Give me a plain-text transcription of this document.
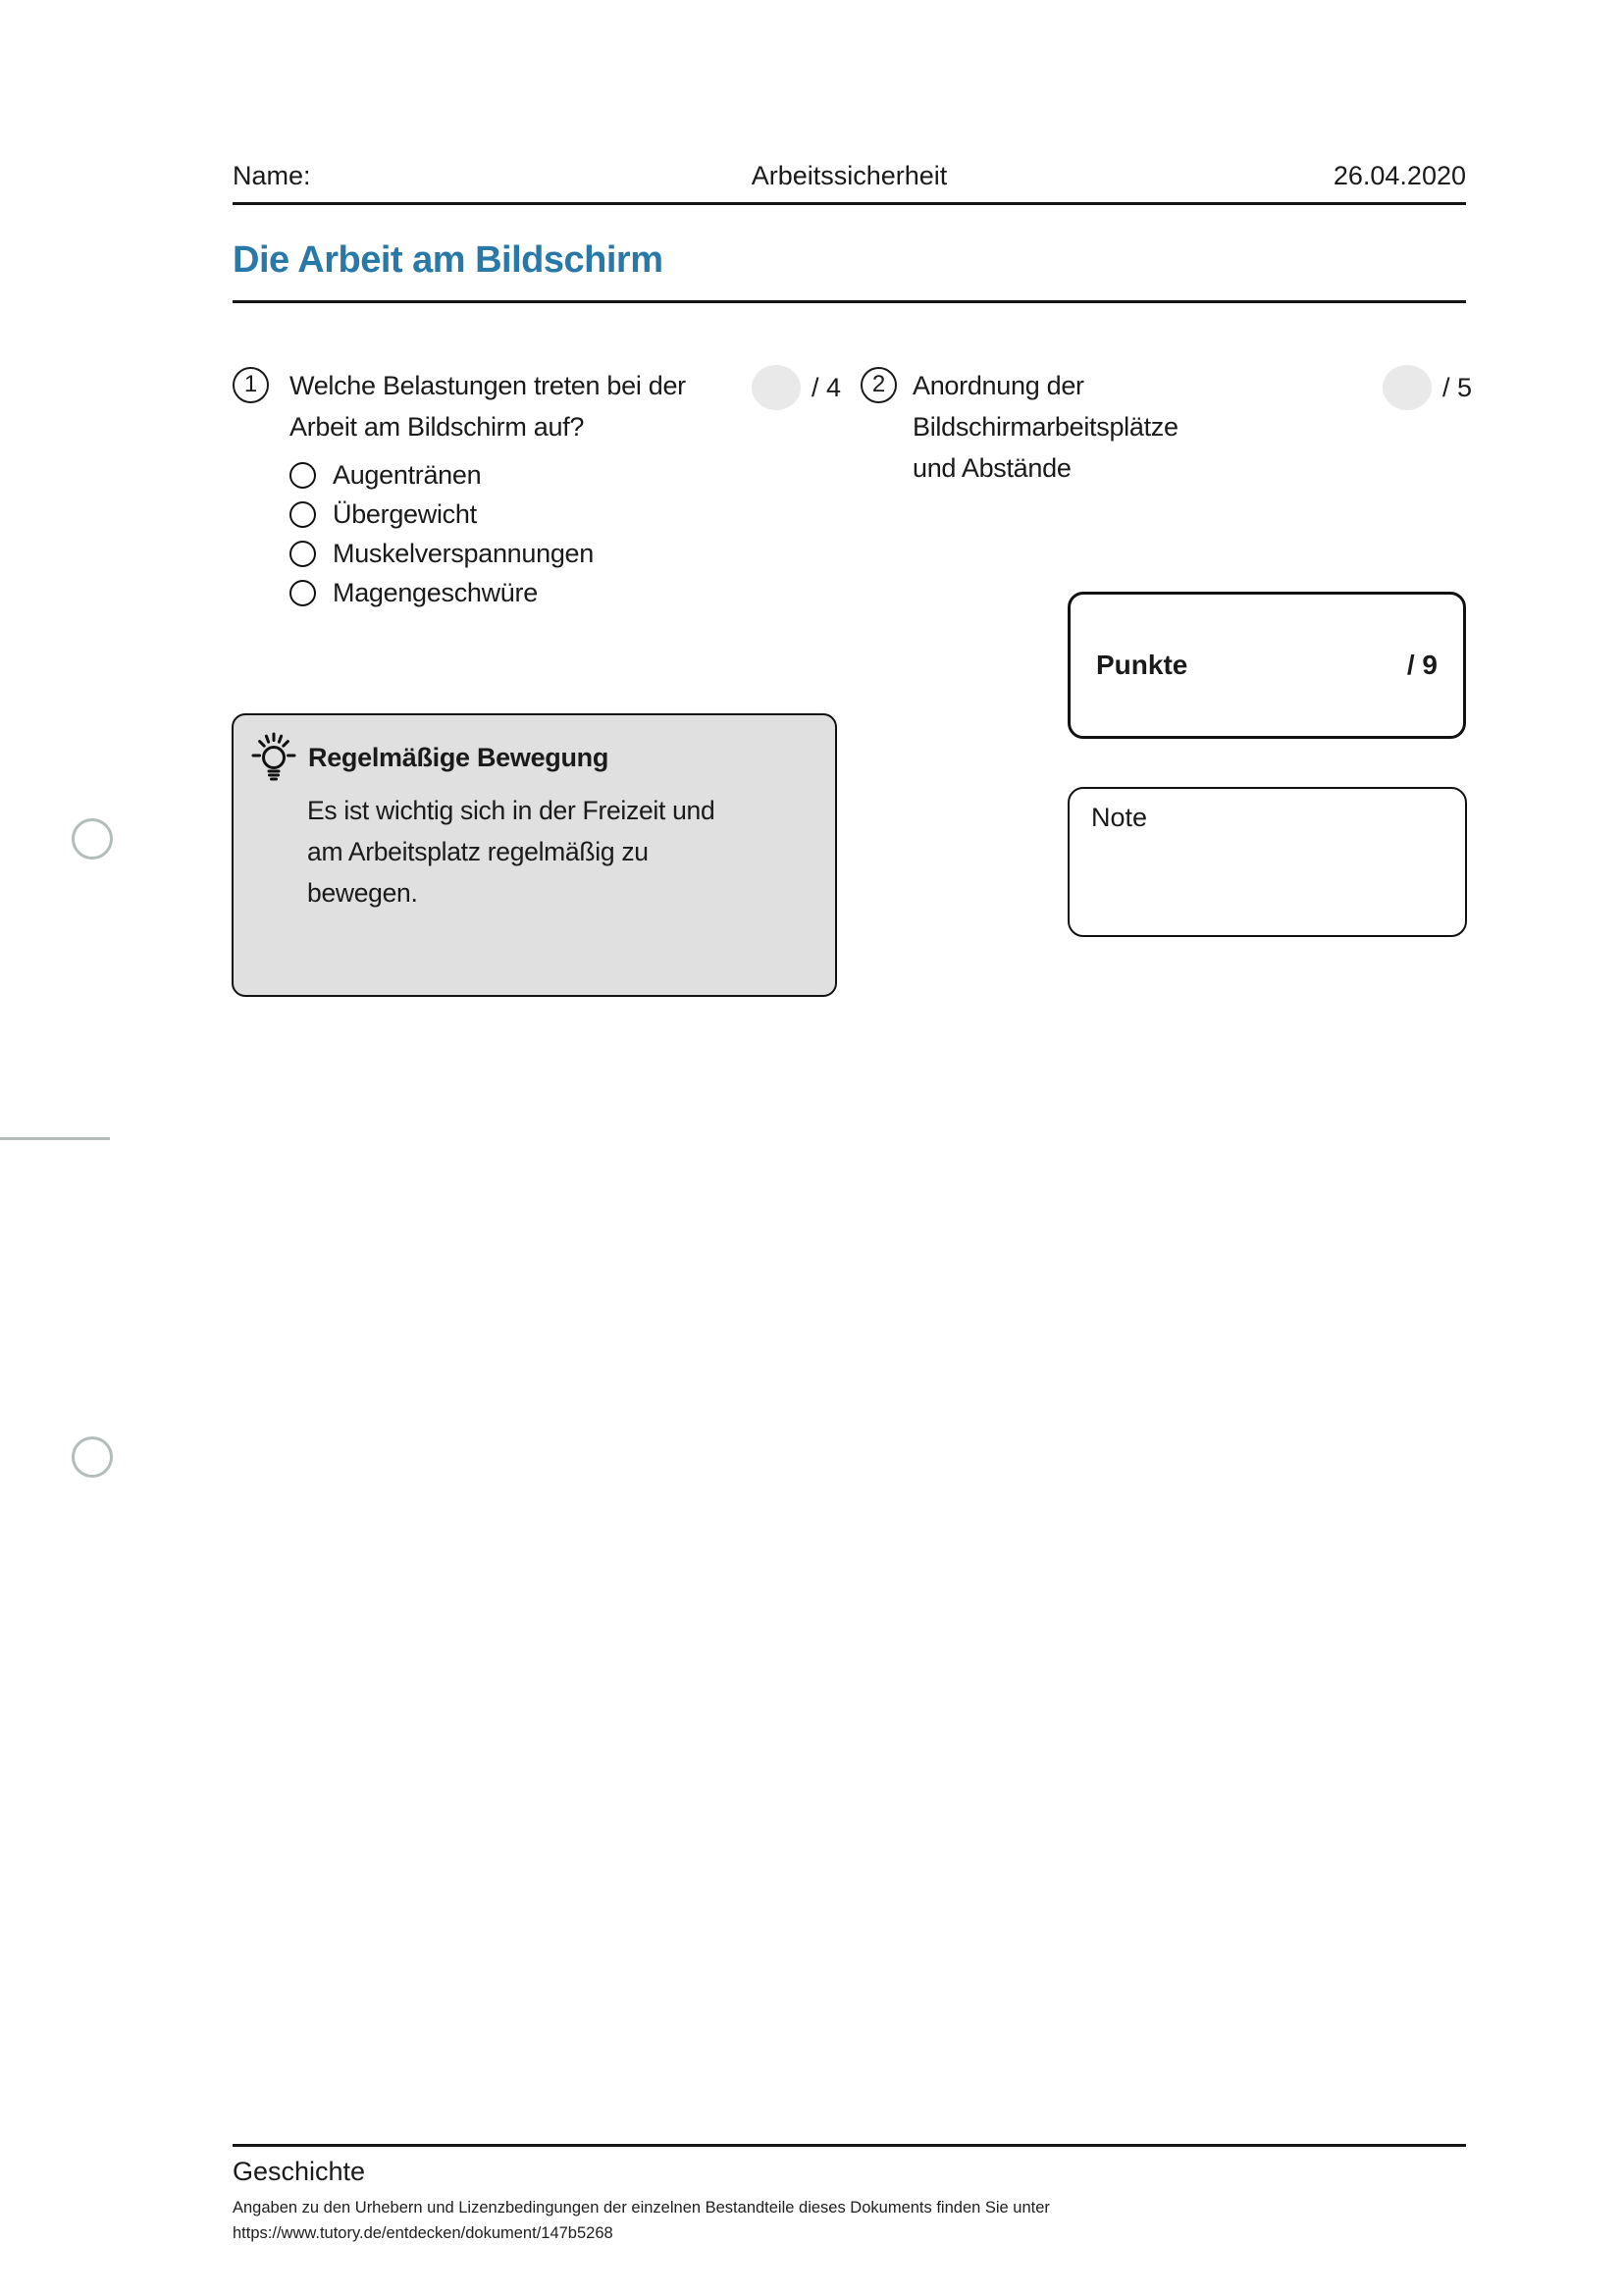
Name:	Arbeitssicherheit	26.04.2020
Die Arbeit am Bildschirm
1	Welche Belastungen treten bei der
Arbeit am Bildschirm auf?
/ 4
Augentränen
Übergewicht
Muskelverspannungen
Magengeschwüre
2	Anordnung der
Bildschirmarbeitsplätze
und Abstände
/ 5
Regelmäßige Bewegung
Es ist wichtig sich in der Freizeit und
am Arbeitsplatz regelmäßig zu
bewegen.
Punkte	/ 9
Note
Geschichte
Angaben zu den Urhebern und Lizenzbedingungen der einzelnen Bestandteile dieses Dokuments finden Sie unter
https://www.tutory.de/entdecken/dokument/147b5268
